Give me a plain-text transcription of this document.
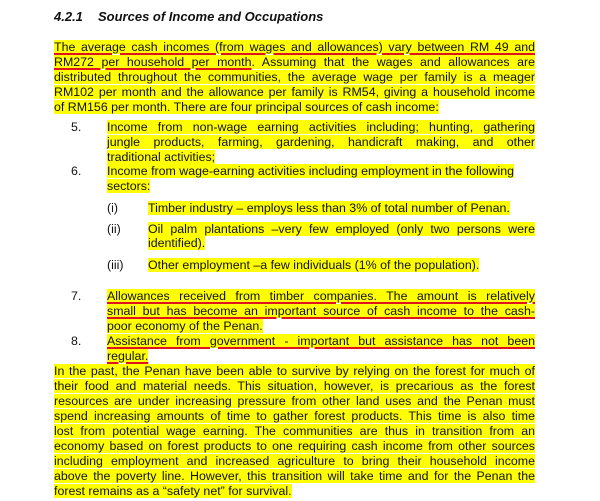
4.2.1 Sources of Income and Occupations
The average cash incomes (from wages and allowances) vary between RM 49 and
RM272 per household per month. Assuming that the wages and allowances are
distributed throughout the communities, the average wage per family is a meager
RM102 per month and the allowance per family is RM54, giving a household income
of RM156 per month. There are four principal sources of cash income:
5. Income from non-wage earning activities including; hunting, gathering
jungle products, farming, gardening, handicraft making, and other
traditional activities;
6. Income from wage-earning activities including employment in the following
sectors:
(i) Timber industry – employs less than 3% of total number of Penan.
(ii) Oil palm plantations –very few employed (only two persons were
identified).
(iii) Other employment –a few individuals (1% of the population).
7. Allowances received from timber companies. The amount is relatively
small but has become an important source of cash income to the cash-
poor economy of the Penan.
8. Assistance from government - important but assistance has not been
regular.
In the past, the Penan have been able to survive by relying on the forest for much of
their food and material needs. This situation, however, is precarious as the forest
resources are under increasing pressure from other land uses and the Penan must
spend increasing amounts of time to gather forest products. This time is also time
lost from potential wage earning. The communities are thus in transition from an
economy based on forest products to one requiring cash income from other sources
including employment and increased agriculture to bring their household income
above the poverty line. However, this transition will take time and for the Penan the
forest remains as a “safety net” for survival.
